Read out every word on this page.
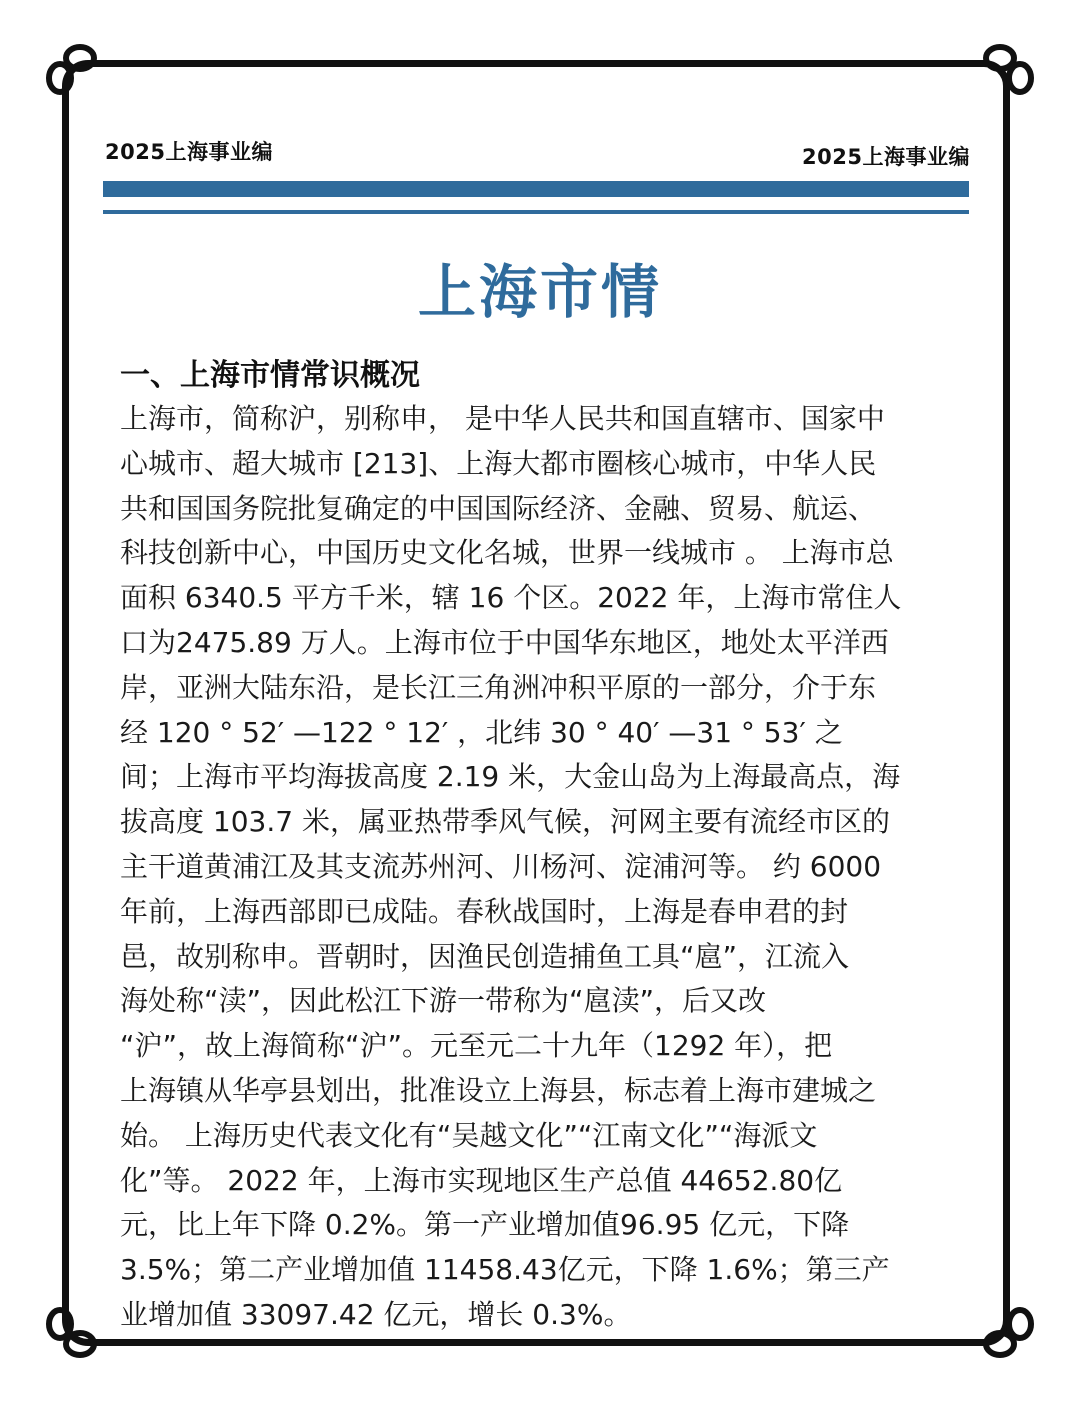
2025上海事业编	2025上海事业编
上海市情
一、上海市情常识概况

上海市，简称沪，别称申， 是中华人民共和国直辖市、国家中
心城市、超大城市 [213]、上海大都市圈核心城市，中华人民
共和国国务院批复确定的中国国际经济、金融、贸易、航运、
科技创新中心，中国历史文化名城，世界一线城市 。 上海市总
面积 6340.5 平方千米，辖 16 个区。2022 年，上海市常住人
口为2475.89 万人。上海市位于中国华东地区，地处太平洋西
岸，亚洲大陆东沿，是长江三角洲冲积平原的一部分，介于东
经 120 ° 52′ —122 ° 12′ ，北纬 30 ° 40′ —31 ° 53′ 之
间；上海市平均海拔高度 2.19 米，大金山岛为上海最高点，海
拔高度 103.7 米，属亚热带季风气候，河网主要有流经市区的
主干道黄浦江及其支流苏州河、川杨河、淀浦河等。 约 6000
年前，上海西部即已成陆。春秋战国时，上海是春申君的封
邑，故别称申。晋朝时，因渔民创造捕鱼工具“扈”，江流入
海处称“渎”，因此松江下游一带称为“扈渎”，后又改
“沪”，故上海简称“沪”。元至元二十九年（1292 年），把
上海镇从华亭县划出，批准设立上海县，标志着上海市建城之
始。 上海历史代表文化有“吴越文化”“江南文化”“海派文
化”等。 2022 年，上海市实现地区生产总值 44652.80亿
元，比上年下降 0.2%。第一产业增加值96.95 亿元，下降
3.5%；第二产业增加值 11458.43亿元，下降 1.6%；第三产
业增加值 33097.42 亿元，增长 0.3%。
